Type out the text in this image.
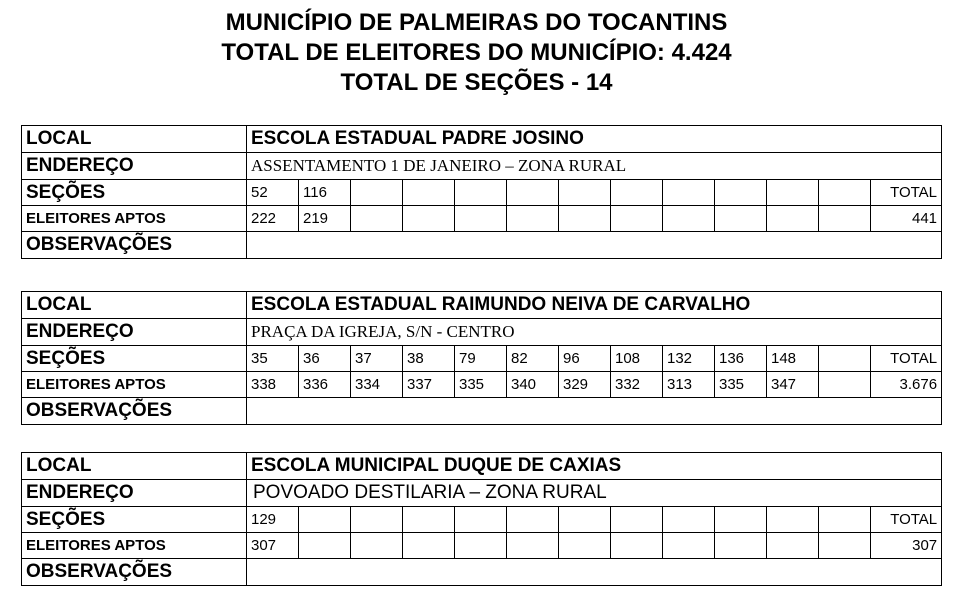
MUNICÍPIO DE PALMEIRAS DO TOCANTINS
TOTAL DE ELEITORES DO MUNICÍPIO: 4.424
TOTAL DE SEÇÕES - 14
LOCAL	ESCOLA ESTADUAL PADRE JOSINO												
ENDEREÇO	ASSENTAMENTO 1 DE JANEIRO – ZONA RURAL												
SEÇÕES	52	116											TOTAL
ELEITORES APTOS	222	219											441
OBSERVAÇÕES													
LOCAL	ESCOLA ESTADUAL RAIMUNDO NEIVA DE CARVALHO												
ENDEREÇO	PRAÇA DA IGREJA, S/N - CENTRO												
SEÇÕES	35	36	37	38	79	82	96	108	132	136	148		TOTAL
ELEITORES APTOS	338	336	334	337	335	340	329	332	313	335	347		3.676
OBSERVAÇÕES													
LOCAL	ESCOLA MUNICIPAL DUQUE DE CAXIAS												
ENDEREÇO	POVOADO DESTILARIA – ZONA RURAL												
SEÇÕES	129												TOTAL
ELEITORES APTOS	307												307
OBSERVAÇÕES													
